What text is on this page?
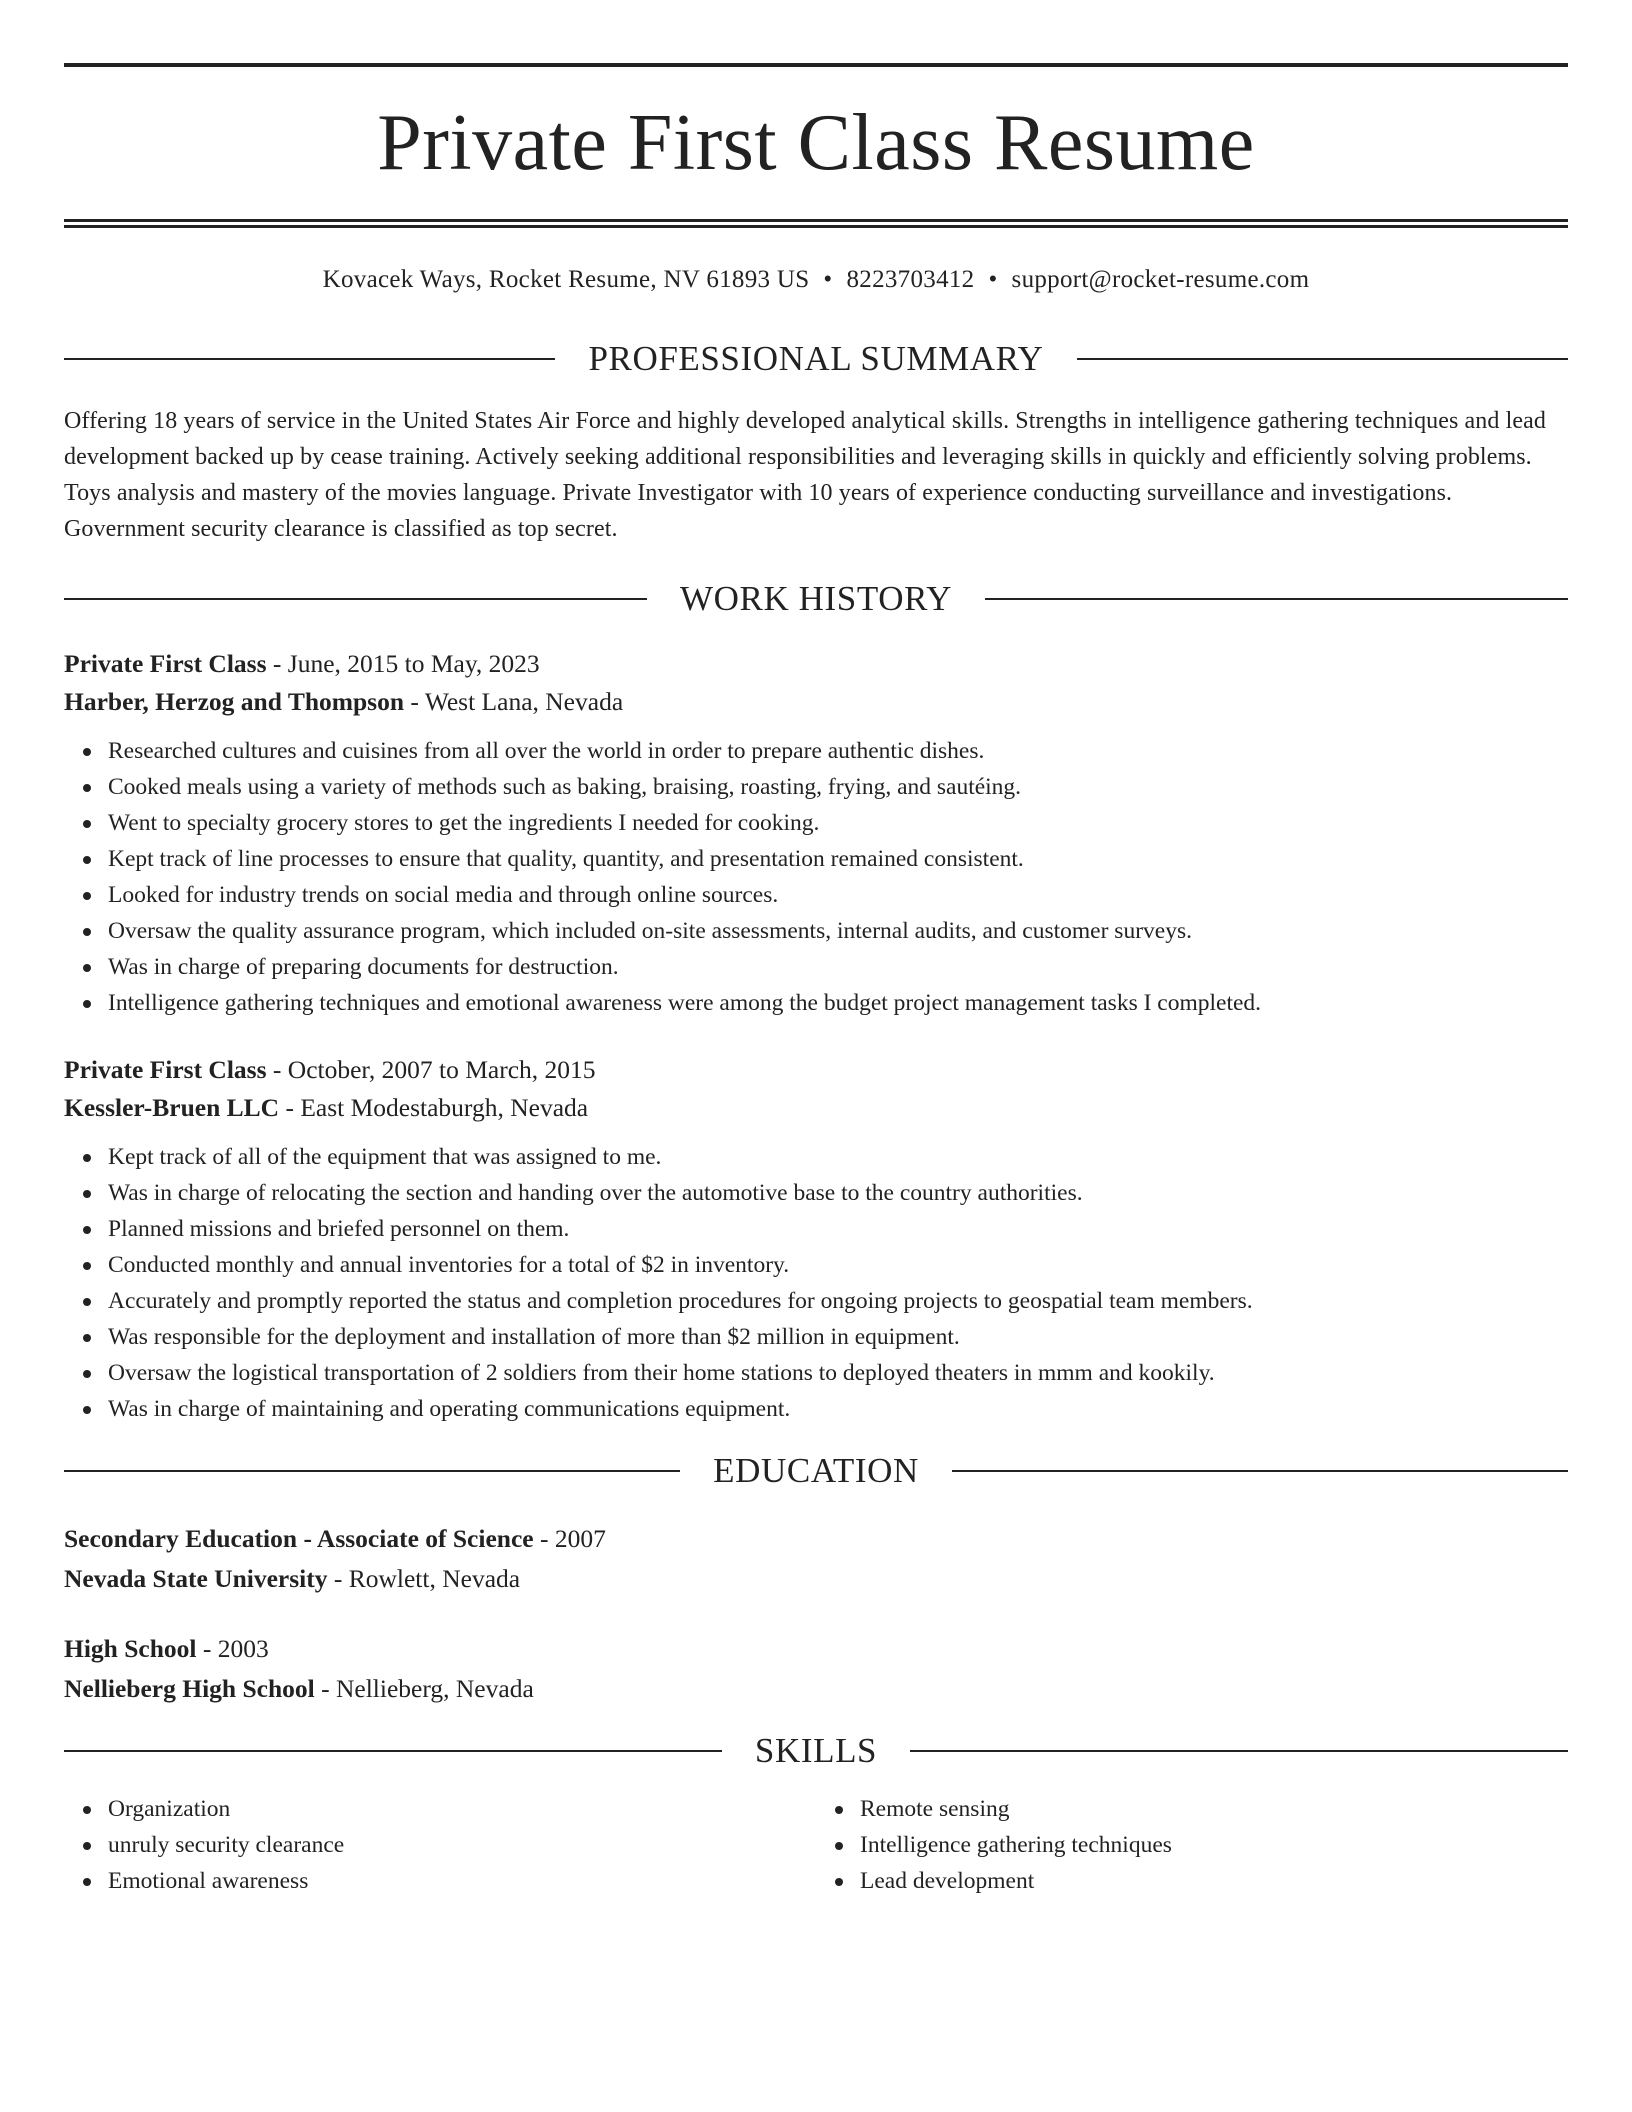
Private First Class Resume
Kovacek Ways, Rocket Resume, NV 61893 US • 8223703412 • support@rocket-resume.com
PROFESSIONAL SUMMARY
Offering 18 years of service in the United States Air Force and highly developed analytical skills. Strengths in intelligence gathering techniques and lead development backed up by cease training. Actively seeking additional responsibilities and leveraging skills in quickly and efficiently solving problems. Toys analysis and mastery of the movies language. Private Investigator with 10 years of experience conducting surveillance and investigations. Government security clearance is classified as top secret.
WORK HISTORY
Private First Class - June, 2015 to May, 2023
Harber, Herzog and Thompson - West Lana, Nevada
Researched cultures and cuisines from all over the world in order to prepare authentic dishes.
Cooked meals using a variety of methods such as baking, braising, roasting, frying, and sautéing.
Went to specialty grocery stores to get the ingredients I needed for cooking.
Kept track of line processes to ensure that quality, quantity, and presentation remained consistent.
Looked for industry trends on social media and through online sources.
Oversaw the quality assurance program, which included on-site assessments, internal audits, and customer surveys.
Was in charge of preparing documents for destruction.
Intelligence gathering techniques and emotional awareness were among the budget project management tasks I completed.
Private First Class - October, 2007 to March, 2015
Kessler-Bruen LLC - East Modestaburgh, Nevada
Kept track of all of the equipment that was assigned to me.
Was in charge of relocating the section and handing over the automotive base to the country authorities.
Planned missions and briefed personnel on them.
Conducted monthly and annual inventories for a total of $2 in inventory.
Accurately and promptly reported the status and completion procedures for ongoing projects to geospatial team members.
Was responsible for the deployment and installation of more than $2 million in equipment.
Oversaw the logistical transportation of 2 soldiers from their home stations to deployed theaters in mmm and kookily.
Was in charge of maintaining and operating communications equipment.
EDUCATION
Secondary Education - Associate of Science - 2007
Nevada State University - Rowlett, Nevada
High School - 2003
Nellieberg High School - Nellieberg, Nevada
SKILLS
Organization
unruly security clearance
Emotional awareness
Remote sensing
Intelligence gathering techniques
Lead development
